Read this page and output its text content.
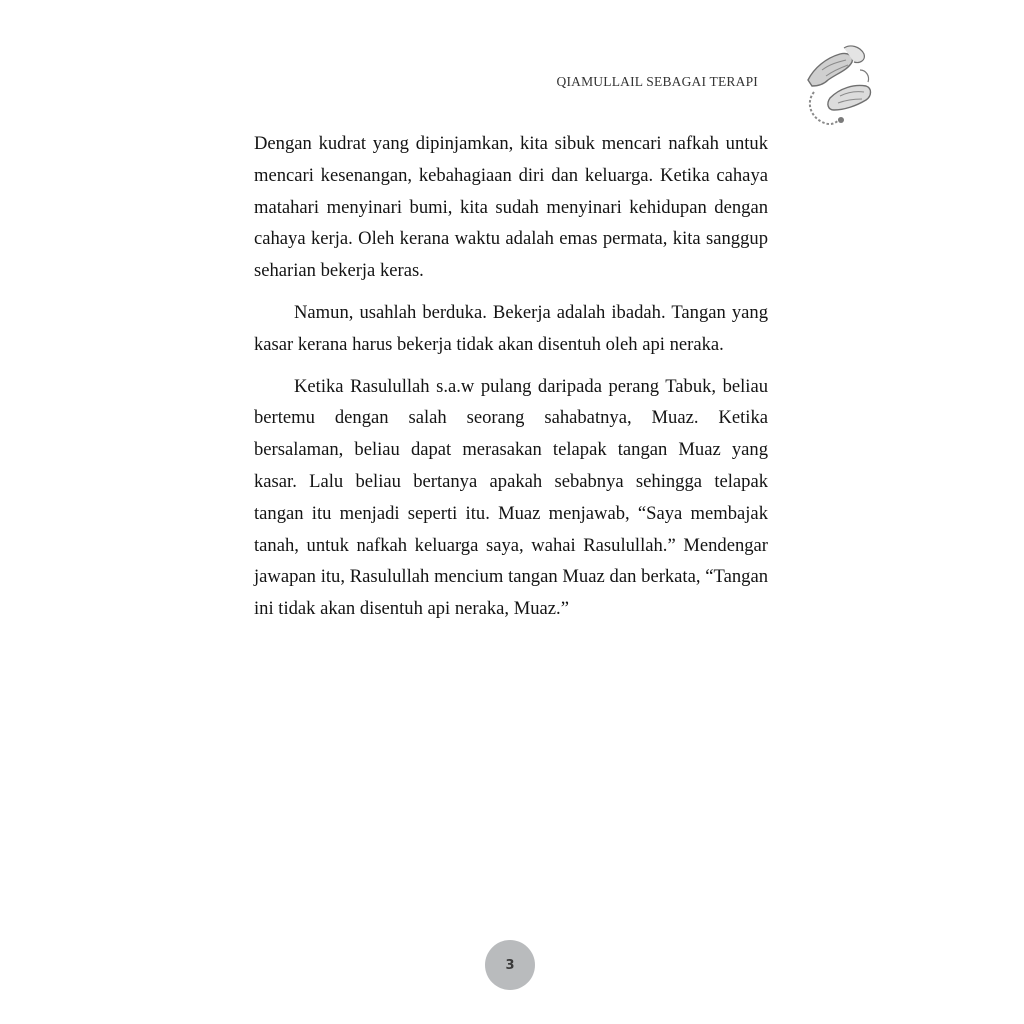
QIAMULLAIL SEBAGAI TERAPI

Dengan kudrat yang dipinjamkan, kita sibuk mencari nafkah untuk mencari kesenangan, kebahagiaan diri dan keluarga. Ketika cahaya matahari menyinari bumi, kita sudah menyinari kehidupan dengan cahaya kerja. Oleh kerana waktu adalah emas permata, kita sanggup seharian bekerja keras.

Namun, usahlah berduka. Bekerja adalah ibadah. Tangan yang kasar kerana harus bekerja tidak akan disentuh oleh api neraka.

Ketika Rasulullah s.a.w pulang daripada perang Tabuk, beliau bertemu dengan salah seorang sahabatnya, Muaz. Ketika bersalaman, beliau dapat merasakan telapak tangan Muaz yang kasar. Lalu beliau bertanya apakah sebabnya sehingga telapak tangan itu menjadi seperti itu. Muaz menjawab, “Saya membajak tanah, untuk nafkah keluarga saya, wahai Rasulullah.” Mendengar jawapan itu, Rasulullah mencium tangan Muaz dan berkata, “Tangan ini tidak akan disentuh api neraka, Muaz.”

3
